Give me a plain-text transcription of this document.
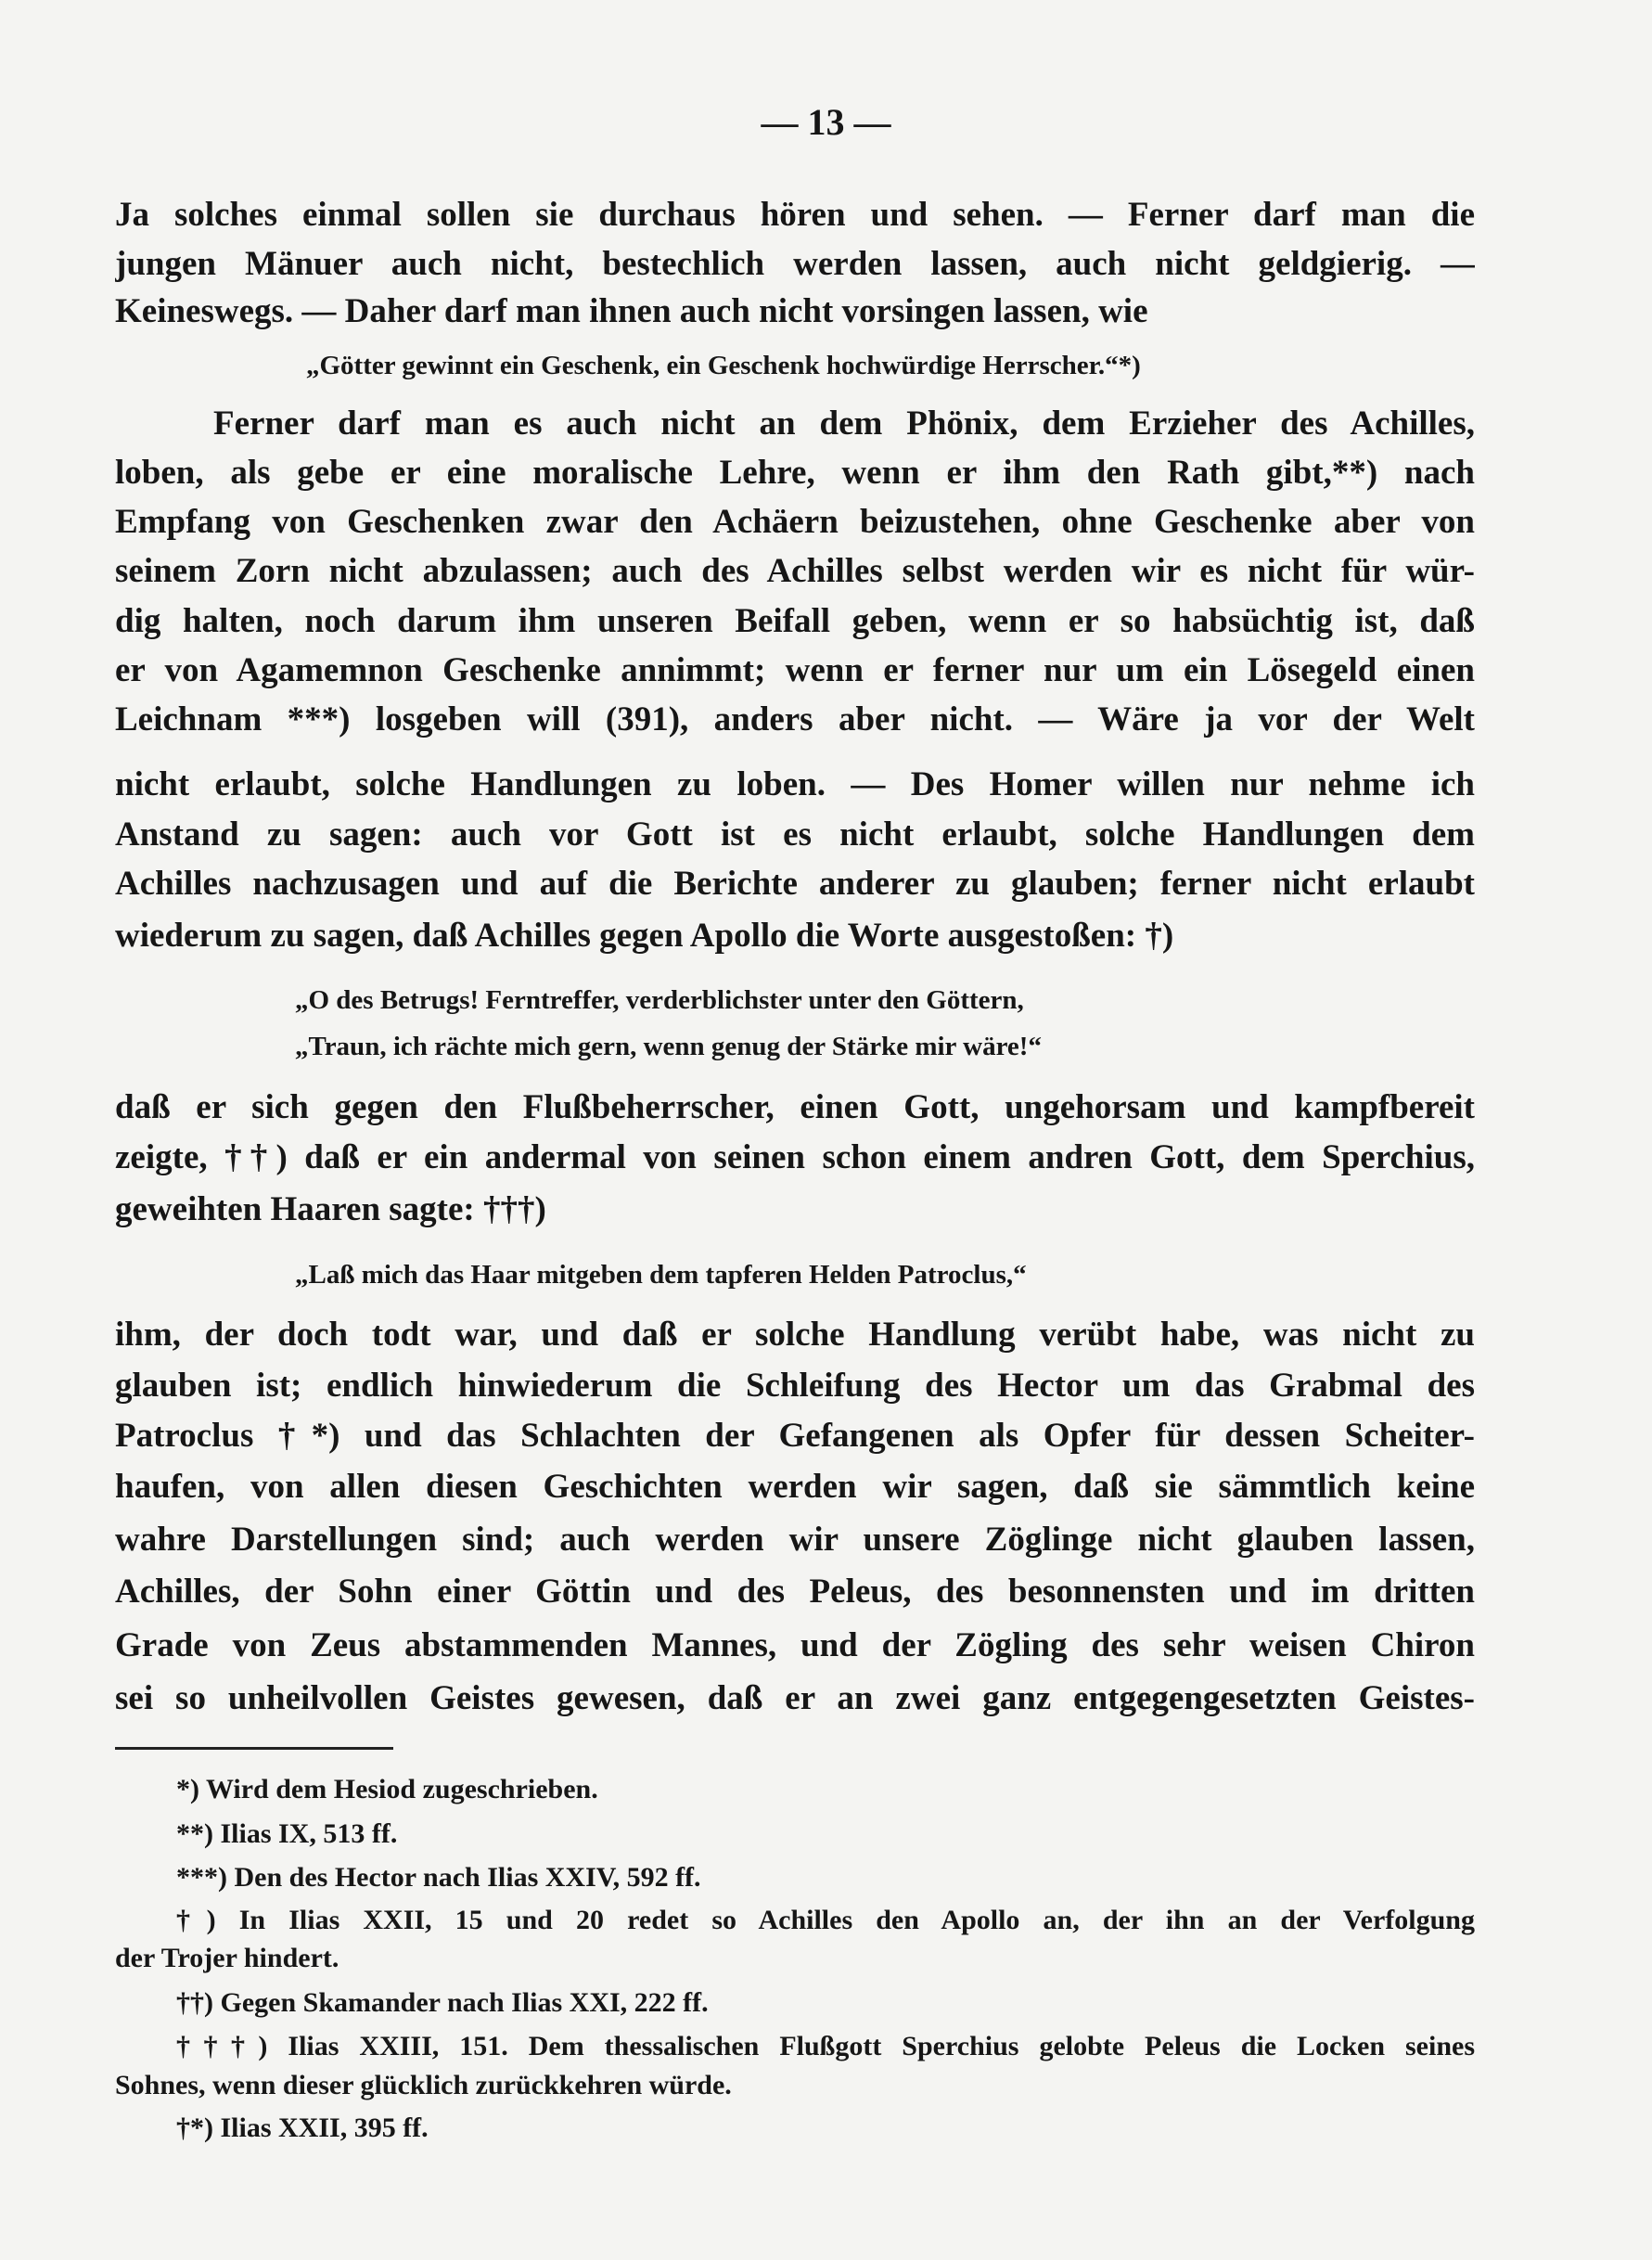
— 13 —
Ja solches einmal sollen sie durchaus hören und sehen. — Ferner darf man die
jungen Mänuer auch nicht, bestechlich werden lassen, auch nicht geldgierig. —
Keineswegs. — Daher darf man ihnen auch nicht vorsingen lassen, wie
„Götter gewinnt ein Geschenk, ein Geschenk hochwürdige Herrscher.“*)
Ferner darf man es auch nicht an dem Phönix, dem Erzieher des Achilles,
loben, als gebe er eine moralische Lehre, wenn er ihm den Rath gibt,**) nach
Empfang von Geschenken zwar den Achäern beizustehen, ohne Geschenke aber von
seinem Zorn nicht abzulassen; auch des Achilles selbst werden wir es nicht für wür-
dig halten, noch darum ihm unseren Beifall geben, wenn er so habsüchtig ist, daß
er von Agamemnon Geschenke annimmt; wenn er ferner nur um ein Lösegeld einen
Leichnam ***) losgeben will (391), anders aber nicht. — Wäre ja vor der Welt
nicht erlaubt, solche Handlungen zu loben. — Des Homer willen nur nehme ich
Anstand zu sagen: auch vor Gott ist es nicht erlaubt, solche Handlungen dem
Achilles nachzusagen und auf die Berichte anderer zu glauben; ferner nicht erlaubt
wiederum zu sagen, daß Achilles gegen Apollo die Worte ausgestoßen: †)
„O des Betrugs! Ferntreffer, verderblichster unter den Göttern,
„Traun, ich rächte mich gern, wenn genug der Stärke mir wäre!“
daß er sich gegen den Flußbeherrscher, einen Gott, ungehorsam und kampfbereit
zeigte, ††) daß er ein andermal von seinen schon einem andren Gott, dem Sperchius,
geweihten Haaren sagte: †††)
„Laß mich das Haar mitgeben dem tapferen Helden Patroclus,“
ihm, der doch todt war, und daß er solche Handlung verübt habe, was nicht zu
glauben ist; endlich hinwiederum die Schleifung des Hector um das Grabmal des
Patroclus †*) und das Schlachten der Gefangenen als Opfer für dessen Scheiter-
haufen, von allen diesen Geschichten werden wir sagen, daß sie sämmtlich keine
wahre Darstellungen sind; auch werden wir unsere Zöglinge nicht glauben lassen,
Achilles, der Sohn einer Göttin und des Peleus, des besonnensten und im dritten
Grade von Zeus abstammenden Mannes, und der Zögling des sehr weisen Chiron
sei so unheilvollen Geistes gewesen, daß er an zwei ganz entgegengesetzten Geistes-
*) Wird dem Hesiod zugeschrieben.
**) Ilias IX, 513 ff.
***) Den des Hector nach Ilias XXIV, 592 ff.
†) In Ilias XXII, 15 und 20 redet so Achilles den Apollo an, der ihn an der Verfolgung
der Trojer hindert.
††) Gegen Skamander nach Ilias XXI, 222 ff.
†††) Ilias XXIII, 151. Dem thessalischen Flußgott Sperchius gelobte Peleus die Locken seines
Sohnes, wenn dieser glücklich zurückkehren würde.
†*) Ilias XXII, 395 ff.
